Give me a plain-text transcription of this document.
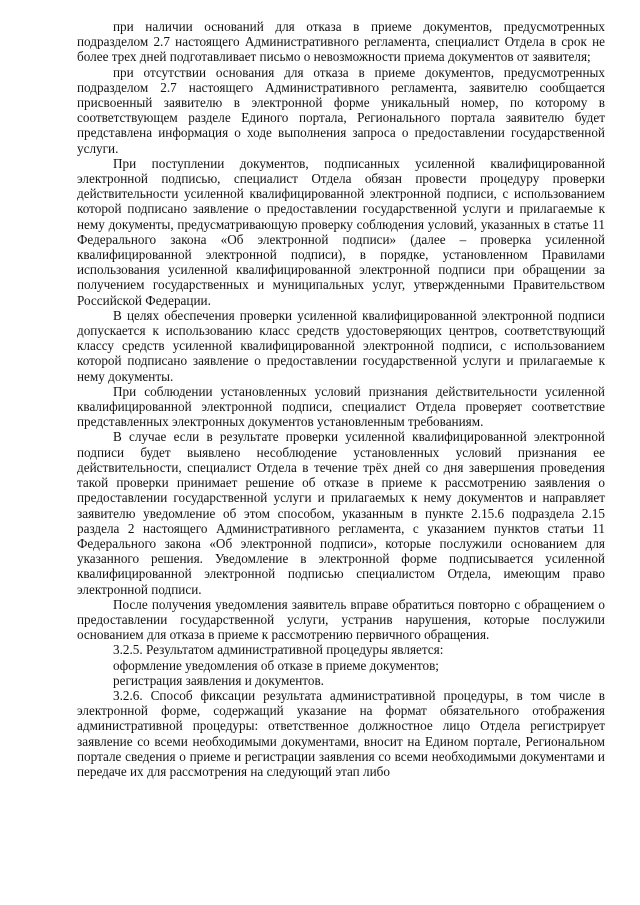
при наличии оснований для отказа в приеме документов, предусмотренных подразделом 2.7 настоящего Административного регламента, специалист Отдела в срок не более трех дней подготавливает письмо о невозможности приема документов от заявителя;

при отсутствии основания для отказа в приеме документов, предусмотренных подразделом 2.7 настоящего Административного регламента, заявителю сообщается присвоенный заявителю в электронной форме уникальный номер, по которому в соответствующем разделе Единого портала, Регионального портала заявителю будет представлена информация о ходе выполнения запроса о предоставлении государственной услуги.

При поступлении документов, подписанных усиленной квалифицированной электронной подписью, специалист Отдела обязан провести процедуру проверки действительности усиленной квалифицированной электронной подписи, с использованием которой подписано заявление о предоставлении государственной услуги и прилагаемые к нему документы, предусматривающую проверку соблюдения условий, указанных в статье 11 Федерального закона «Об электронной подписи» (далее – проверка усиленной квалифицированной электронной подписи), в порядке, установленном Правилами использования усиленной квалифицированной электронной подписи при обращении за получением государственных и муниципальных услуг, утвержденными Правительством Российской Федерации.

В целях обеспечения проверки усиленной квалифицированной электронной подписи допускается к использованию класс средств удостоверяющих центров, соответствующий классу средств усиленной квалифицированной электронной подписи, с использованием которой подписано заявление о предоставлении государственной услуги и прилагаемые к нему документы.

При соблюдении установленных условий признания действительности усиленной квалифицированной электронной подписи, специалист Отдела проверяет соответствие представленных электронных документов установленным требованиям.

В случае если в результате проверки усиленной квалифицированной электронной подписи будет выявлено несоблюдение установленных условий признания ее действительности, специалист Отдела в течение трёх дней со дня завершения проведения такой проверки принимает решение об отказе в приеме к рассмотрению заявления о предоставлении государственной услуги и прилагаемых к нему документов и направляет заявителю уведомление об этом способом, указанным в пункте 2.15.6 подраздела 2.15 раздела 2 настоящего Административного регламента, с указанием пунктов статьи 11 Федерального закона «Об электронной подписи», которые послужили основанием для указанного решения. Уведомление в электронной форме подписывается усиленной квалифицированной электронной подписью специалистом Отдела, имеющим право электронной подписи.

После получения уведомления заявитель вправе обратиться повторно с обращением о предоставлении государственной услуги, устранив нарушения, которые послужили основанием для отказа в приеме к рассмотрению первичного обращения.

3.2.5. Результатом административной процедуры является:

оформление уведомления об отказе в приеме документов;

регистрация заявления и документов.

3.2.6. Способ фиксации результата административной процедуры, в том числе в электронной форме, содержащий указание на формат обязательного отображения административной процедуры: ответственное должностное лицо Отдела регистрирует заявление со всеми необходимыми документами, вносит на Едином портале, Региональном портале сведения о приеме и регистрации заявления со всеми необходимыми документами и передаче их для рассмотрения на следующий этап либо
